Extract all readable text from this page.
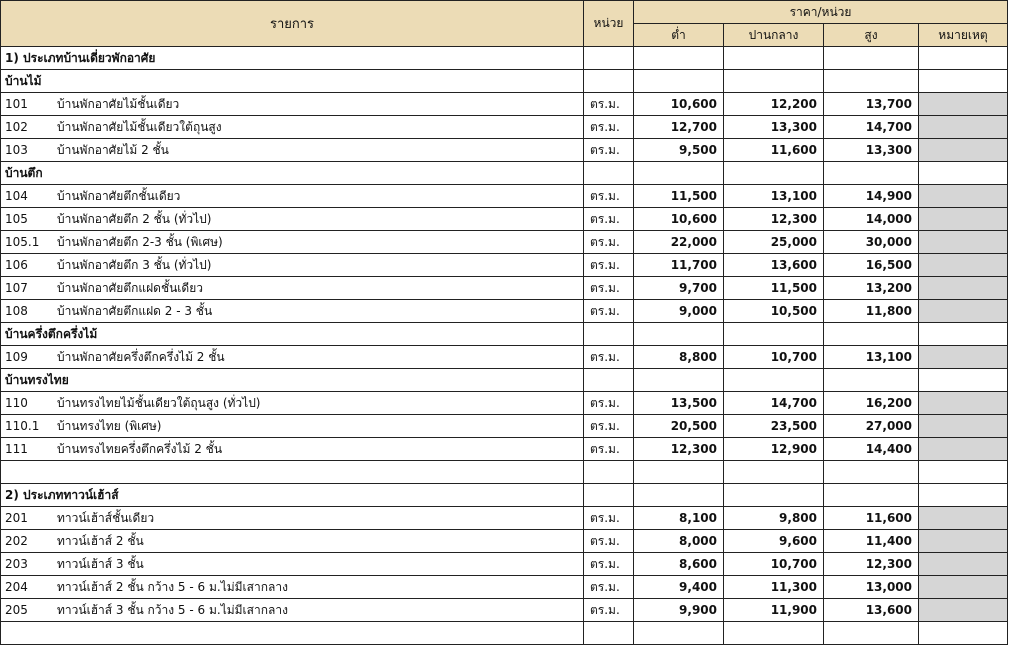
รายการ	หน่วย	ราคา/หน่วย			
		ต่ำ	ปานกลาง	สูง	หมายเหตุ
1) ประเภทบ้านเดี่ยวพักอาศัย					
บ้านไม้					
101 บ้านพักอาศัยไม้ชั้นเดียว	ตร.ม.	10,600	12,200	13,700	
102 บ้านพักอาศัยไม้ชั้นเดียวใต้ถุนสูง	ตร.ม.	12,700	13,300	14,700	
103 บ้านพักอาศัยไม้ 2 ชั้น	ตร.ม.	9,500	11,600	13,300	
บ้านตึก					
104 บ้านพักอาศัยตึกชั้นเดียว	ตร.ม.	11,500	13,100	14,900	
105 บ้านพักอาศัยตึก 2 ชั้น (ทั่วไป)	ตร.ม.	10,600	12,300	14,000	
105.1 บ้านพักอาศัยตึก 2-3 ชั้น (พิเศษ)	ตร.ม.	22,000	25,000	30,000	
106 บ้านพักอาศัยตึก 3 ชั้น (ทั่วไป)	ตร.ม.	11,700	13,600	16,500	
107 บ้านพักอาศัยตึกแฝดชั้นเดียว	ตร.ม.	9,700	11,500	13,200	
108 บ้านพักอาศัยตึกแฝด 2 - 3 ชั้น	ตร.ม.	9,000	10,500	11,800	
บ้านครึ่งตึกครึ่งไม้					
109 บ้านพักอาศัยครึ่งตึกครึ่งไม้ 2 ชั้น	ตร.ม.	8,800	10,700	13,100	
บ้านทรงไทย					
110 บ้านทรงไทยไม้ชั้นเดียวใต้ถุนสูง (ทั่วไป)	ตร.ม.	13,500	14,700	16,200	
110.1 บ้านทรงไทย (พิเศษ)	ตร.ม.	20,500	23,500	27,000	
111 บ้านทรงไทยครึ่งตึกครึ่งไม้ 2 ชั้น	ตร.ม.	12,300	12,900	14,400	

2) ประเภททาวน์เฮ้าส์					
201 ทาวน์เฮ้าส์ชั้นเดียว	ตร.ม.	8,100	9,800	11,600	
202 ทาวน์เฮ้าส์ 2 ชั้น	ตร.ม.	8,000	9,600	11,400	
203 ทาวน์เฮ้าส์ 3 ชั้น	ตร.ม.	8,600	10,700	12,300	
204 ทาวน์เฮ้าส์ 2 ชั้น กว้าง 5 - 6 ม.ไม่มีเสากลาง	ตร.ม.	9,400	11,300	13,000	
205 ทาวน์เฮ้าส์ 3 ชั้น กว้าง 5 - 6 ม.ไม่มีเสากลาง	ตร.ม.	9,900	11,900	13,600	
